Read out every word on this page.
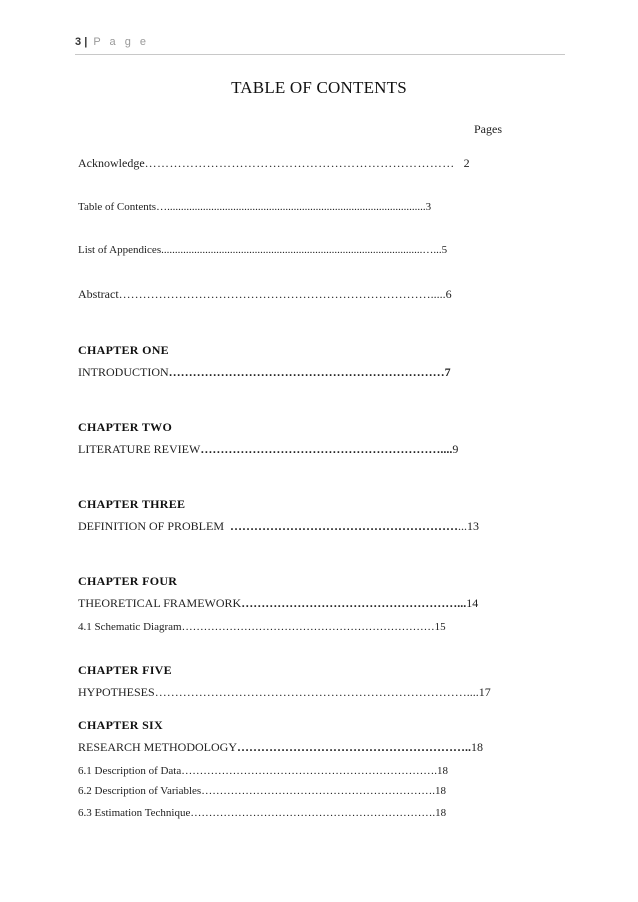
3 | P a g e
TABLE OF CONTENTS
Pages
Acknowledge………………………………………………………………… 2
Table of Contents…..............................................................................................3
List of Appendices...............................................................................................…...5
Abstract…………………………………………………………………….....6
CHAPTER ONE
INTRODUCTION……………………………………………………………7
CHAPTER TWO
LITERATURE REVIEW……………………………………………………....9
CHAPTER THREE
DEFINITION OF PROBLEM …………………………………………………...13
CHAPTER FOUR
THEORETICAL FRAMEWORK………………………………………………...14
4.1 Schematic Diagram……………………………………………………………15
CHAPTER FIVE
HYPOTHESES……………………………………………………………………....17
CHAPTER SIX
RESEARCH METHODOLOGY…………………………………………………..18
6.1 Description of Data…………………………………………………………….18
6.2 Description of Variables……………………………………………………….18
6.3 Estimation Technique………………………………………………………….18
